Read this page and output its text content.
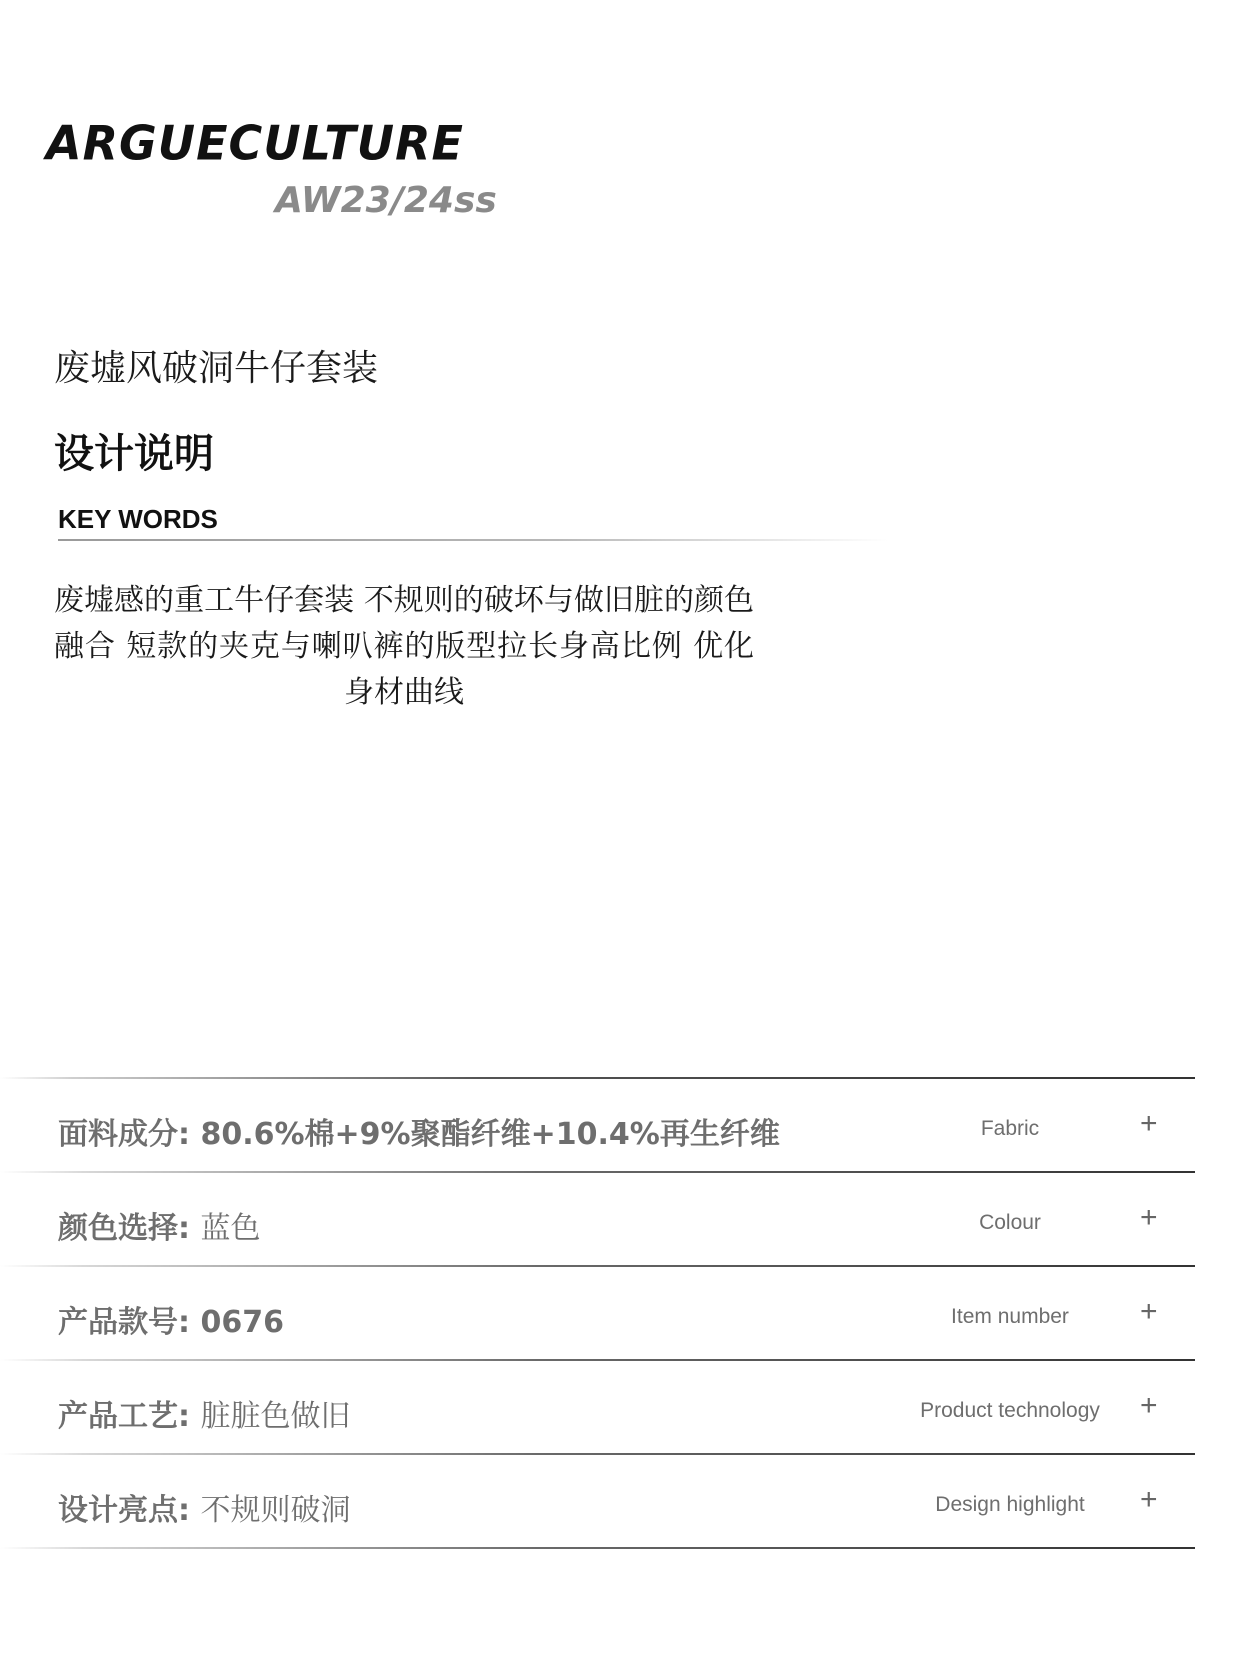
ARGUECULTURE
AW23/24ss
废墟风破洞牛仔套装
设计说明
KEY WORDS
废墟感的重工牛仔套装 不规则的破坏与做旧脏的颜色融合 短款的夹克与喇叭裤的版型拉长身高比例 优化身材曲线
面料成分: 80.6%棉+9%聚酯纤维+10.4%再生纤维	Fabric	+
颜色选择: 蓝色	Colour	+
产品款号: 0676	Item number	+
产品工艺: 脏脏色做旧	Product technology	+
设计亮点: 不规则破洞	Design highlight	+
